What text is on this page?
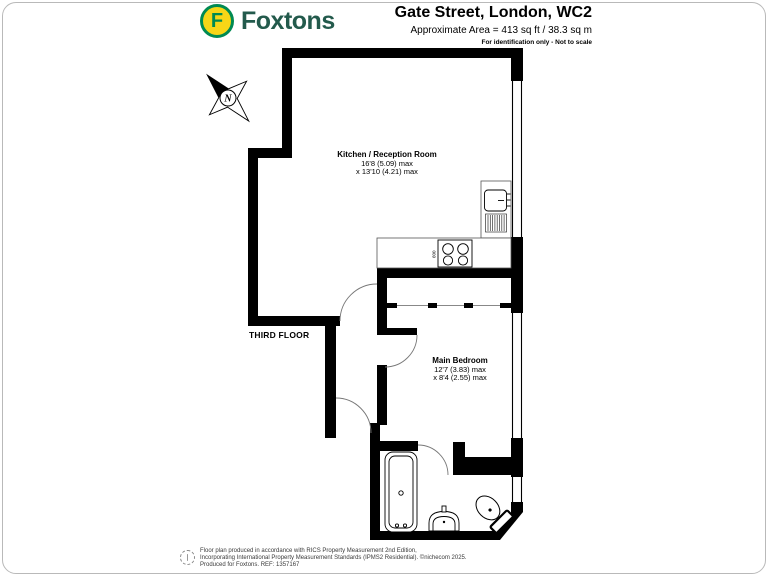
F Foxtons	Gate Street, London, WC2
Approximate Area = 413 sq ft / 38.3 sq m
For identification only - Not to scale
600
N
Kitchen / Reception Room
16'8 (5.09) max
x 13'10 (4.21) max
Main Bedroom
12'7 (3.83) max
x 8'4 (2.55) max
THIRD FLOOR
Floor plan produced in accordance with RICS Property Measurement 2nd Edition,
Incorporating International Property Measurement Standards (IPMS2 Residential). ©nichecom 2025.
Produced for Foxtons. REF: 1357167
